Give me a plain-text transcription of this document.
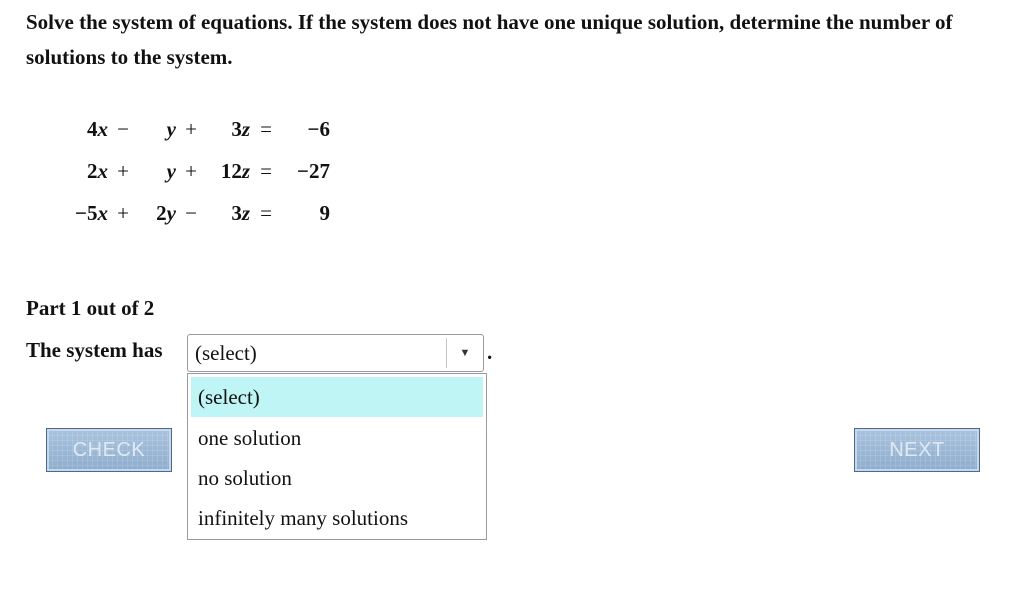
Solve the system of equations. If the system does not have one unique solution, determine the number of solutions to the system.
4x	−	y	+	3z	=	−6
2x	+	y	+	12z	=	−27
−5x	+	2y	−	3z	=	9
Part 1 out of 2
The system has (select)	▼ .
(select)
one solution
no solution
infinitely many solutions
CHECK	NEXT
